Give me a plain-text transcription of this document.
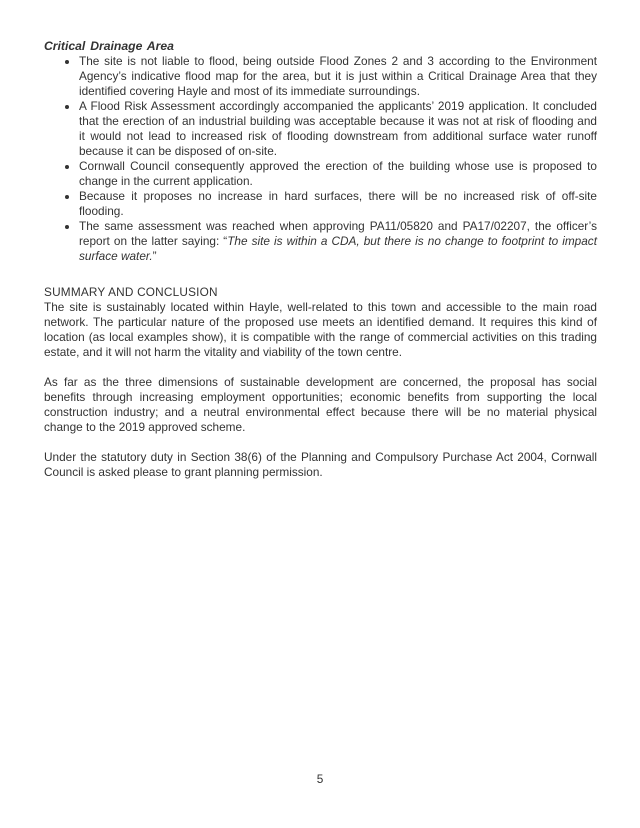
Critical Drainage Area
• The site is not liable to flood, being outside Flood Zones 2 and 3 according to the Environment Agency’s indicative flood map for the area, but it is just within a Critical Drainage Area that they identified covering Hayle and most of its immediate surroundings.
• A Flood Risk Assessment accordingly accompanied the applicants’ 2019 application. It concluded that the erection of an industrial building was acceptable because it was not at risk of flooding and it would not lead to increased risk of flooding downstream from additional surface water runoff because it can be disposed of on-site.
• Cornwall Council consequently approved the erection of the building whose use is proposed to change in the current application.
• Because it proposes no increase in hard surfaces, there will be no increased risk of off-site flooding.
• The same assessment was reached when approving PA11/05820 and PA17/02207, the officer’s report on the latter saying: “The site is within a CDA, but there is no change to footprint to impact surface water.”
SUMMARY AND CONCLUSION

The site is sustainably located within Hayle, well-related to this town and accessible to the main road network. The particular nature of the proposed use meets an identified demand. It requires this kind of location (as local examples show), it is compatible with the range of commercial activities on this trading estate, and it will not harm the vitality and viability of the town centre.

As far as the three dimensions of sustainable development are concerned, the proposal has social benefits through increasing employment opportunities; economic benefits from supporting the local construction industry; and a neutral environmental effect because there will be no material physical change to the 2019 approved scheme.

Under the statutory duty in Section 38(6) of the Planning and Compulsory Purchase Act 2004, Cornwall Council is asked please to grant planning permission.

5
